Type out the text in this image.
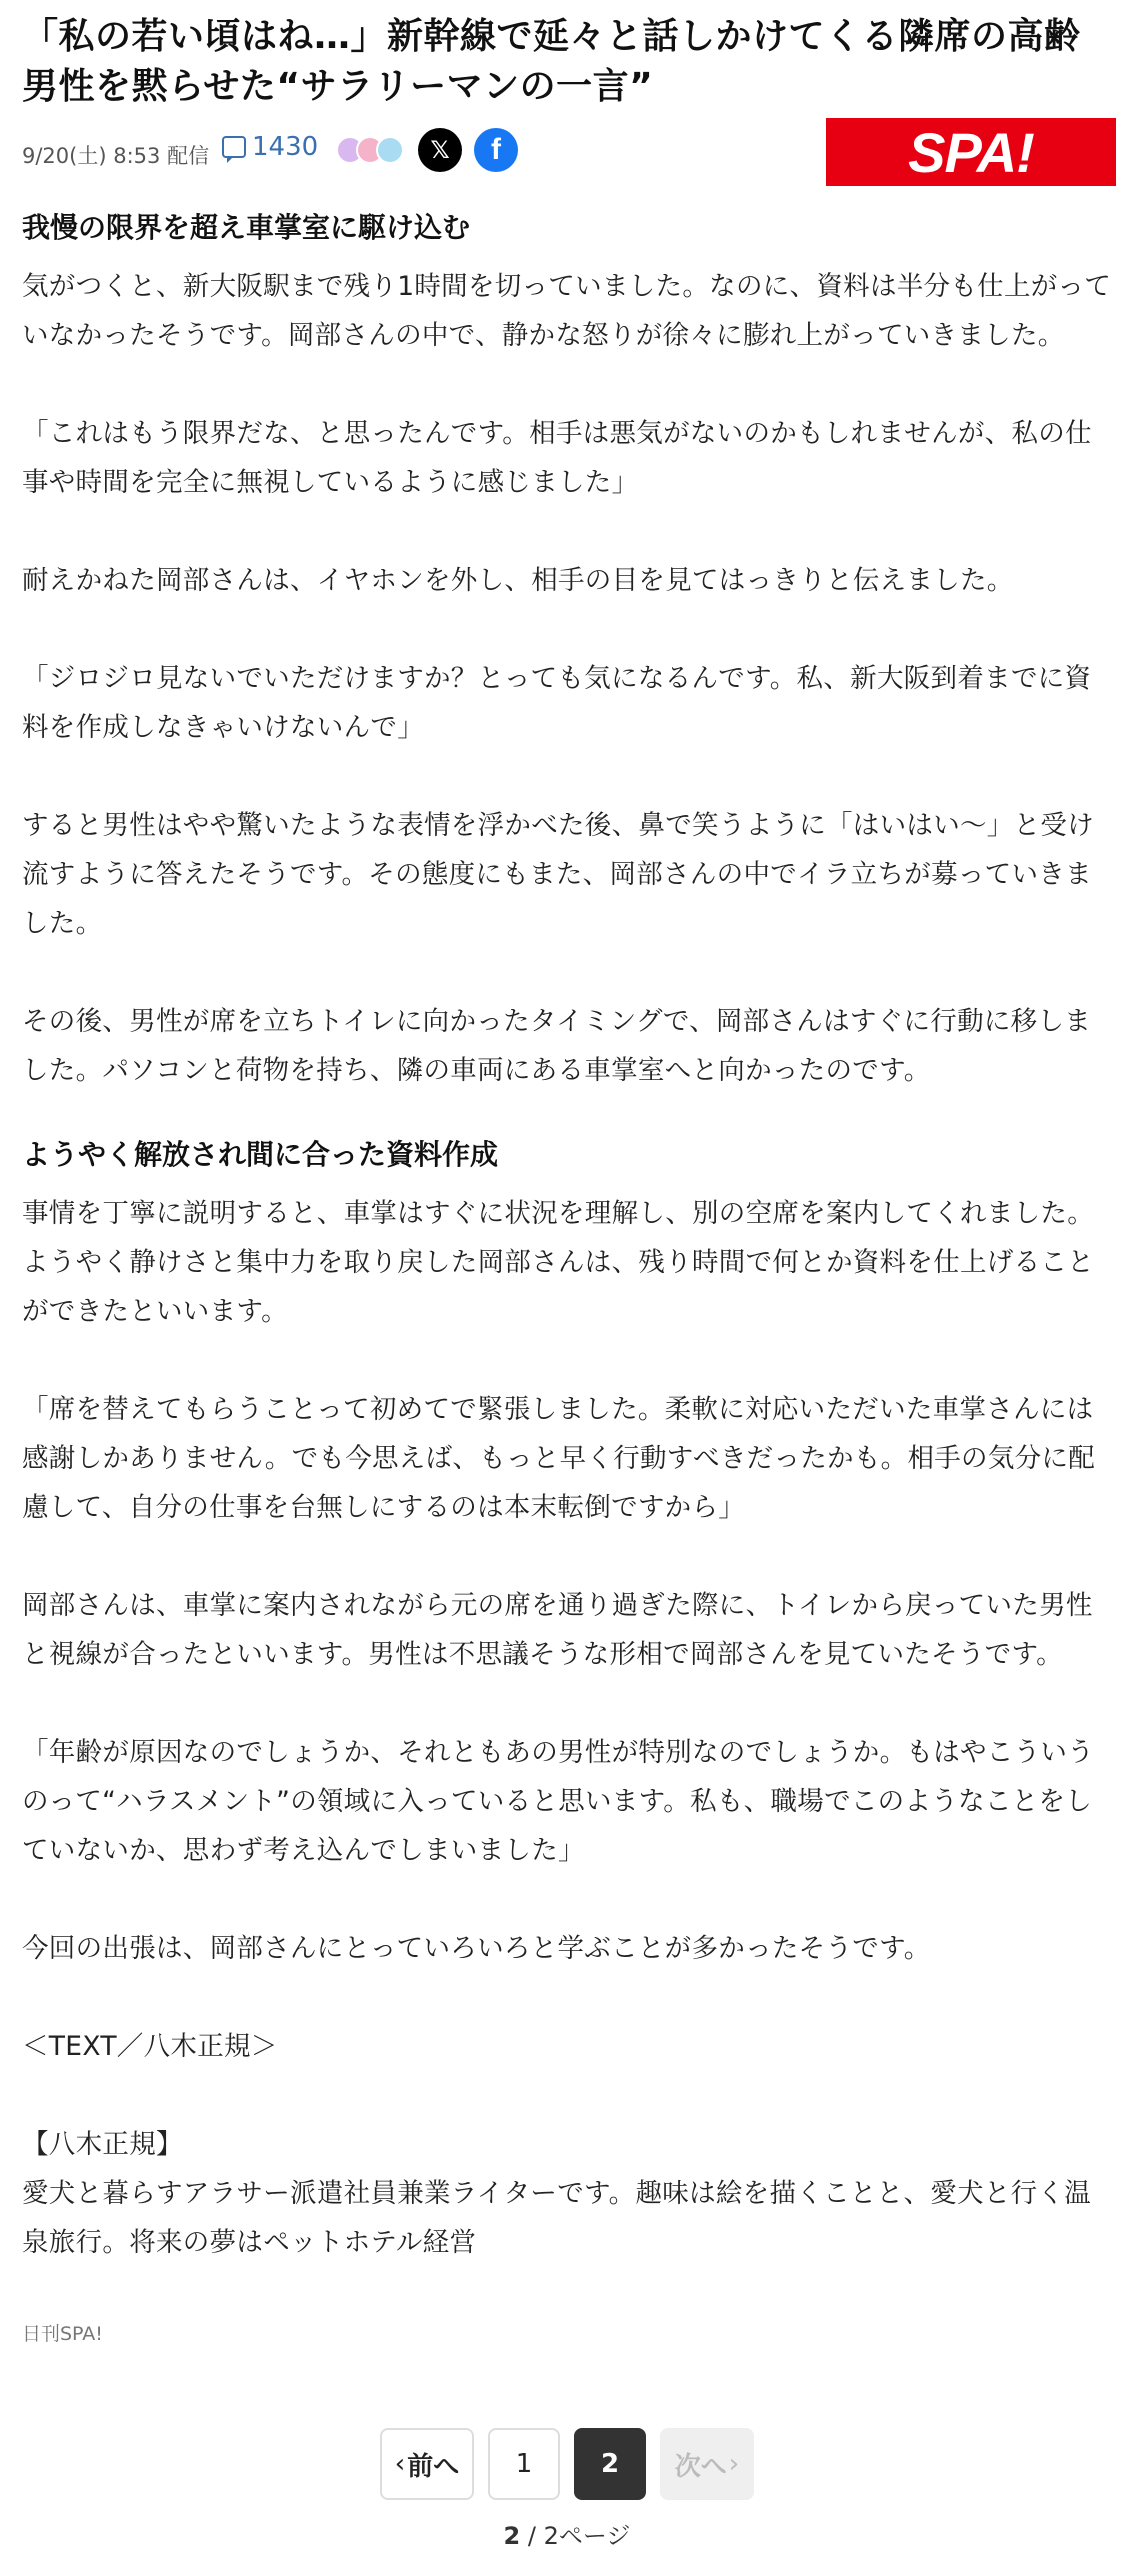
「私の若い頃はね…」新幹線で延々と話しかけてくる隣席の高齢男性を黙らせた“サラリーマンの一言”
9/20(土) 8:53 配信 1430	𝕏	f	SPA!
我慢の限界を超え車掌室に駆け込む

気がつくと、新大阪駅まで残り1時間を切っていました。なのに、資料は半分も仕上がっていなかったそうです。岡部さんの中で、静かな怒りが徐々に膨れ上がっていきました。

「これはもう限界だな、と思ったんです。相手は悪気がないのかもしれませんが、私の仕事や時間を完全に無視しているように感じました」

耐えかねた岡部さんは、イヤホンを外し、相手の目を見てはっきりと伝えました。

「ジロジロ見ないでいただけますか？とっても気になるんです。私、新大阪到着までに資料を作成しなきゃいけないんで」

すると男性はやや驚いたような表情を浮かべた後、鼻で笑うように「はいはい〜」と受け流すように答えたそうです。その態度にもまた、岡部さんの中でイラ立ちが募っていきました。

その後、男性が席を立ちトイレに向かったタイミングで、岡部さんはすぐに行動に移しました。パソコンと荷物を持ち、隣の車両にある車掌室へと向かったのです。

ようやく解放され間に合った資料作成

事情を丁寧に説明すると、車掌はすぐに状況を理解し、別の空席を案内してくれました。ようやく静けさと集中力を取り戻した岡部さんは、残り時間で何とか資料を仕上げることができたといいます。

「席を替えてもらうことって初めてで緊張しました。柔軟に対応いただいた車掌さんには感謝しかありません。でも今思えば、もっと早く行動すべきだったかも。相手の気分に配慮して、自分の仕事を台無しにするのは本末転倒ですから」

岡部さんは、車掌に案内されながら元の席を通り過ぎた際に、トイレから戻っていた男性と視線が合ったといいます。男性は不思議そうな形相で岡部さんを見ていたそうです。

「年齢が原因なのでしょうか、それともあの男性が特別なのでしょうか。もはやこういうのって“ハラスメント”の領域に入っていると思います。私も、職場でこのようなことをしていないか、思わず考え込んでしまいました」

今回の出張は、岡部さんにとっていろいろと学ぶことが多かったそうです。

＜TEXT／八木正規＞

【八木正規】

愛犬と暮らすアラサー派遣社員兼業ライターです。趣味は絵を描くことと、愛犬と行く温泉旅行。将来の夢はペットホテル経営

日刊SPA!
‹ 前へ	1	2	次へ ›
2 / 2ページ
